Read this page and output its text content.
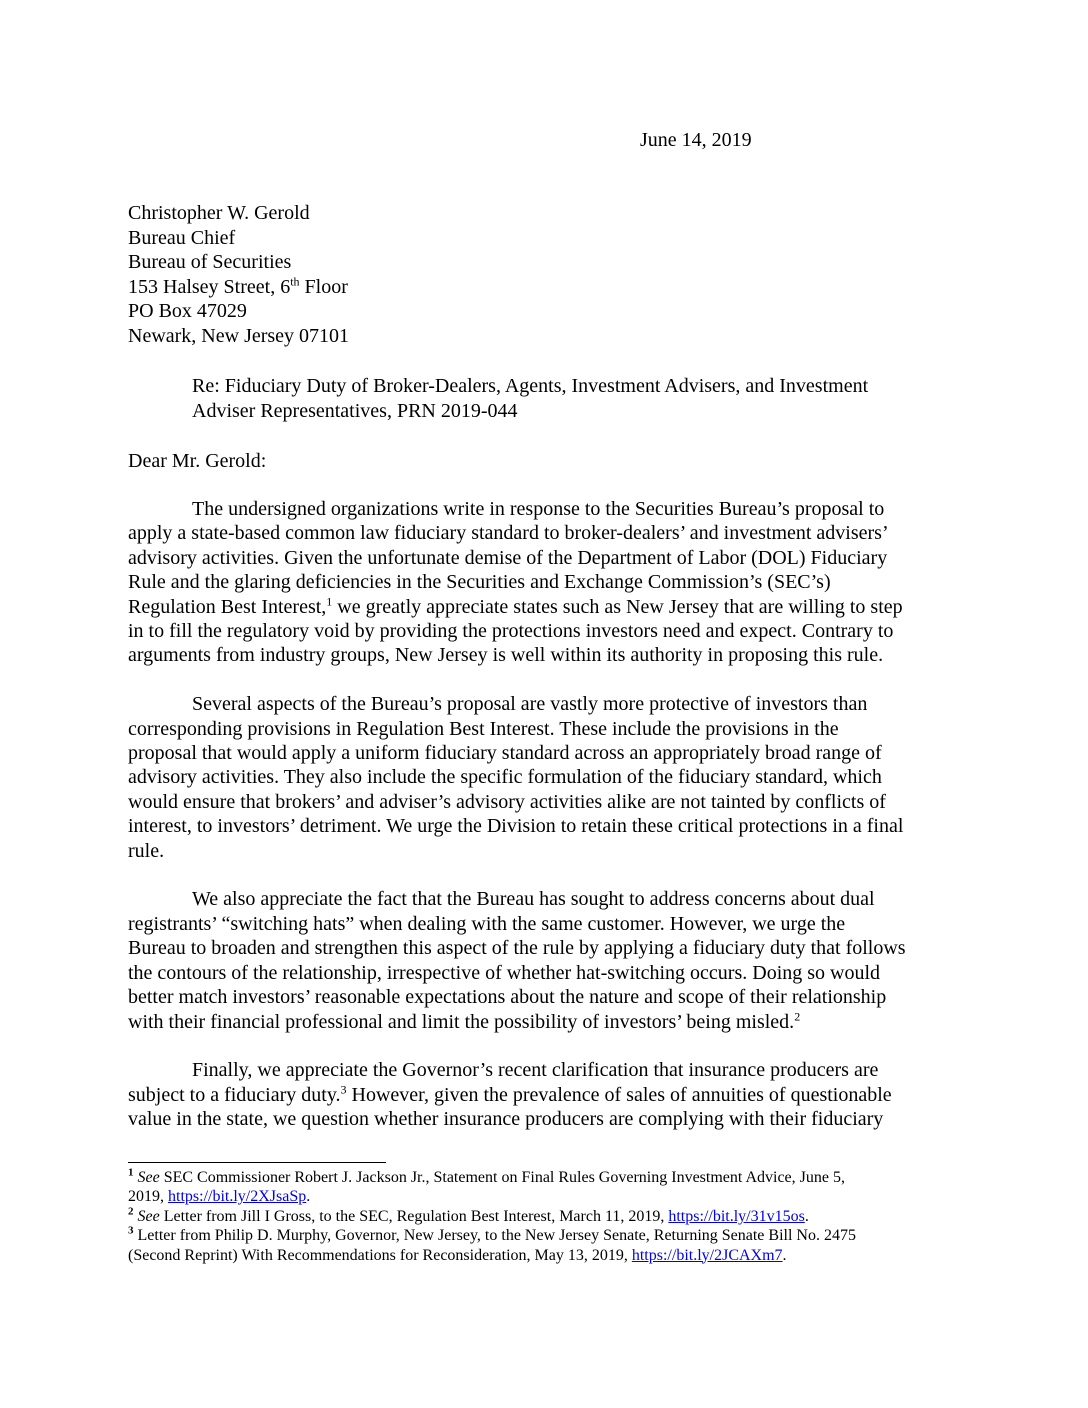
June 14, 2019
Christopher W. Gerold
Bureau Chief
Bureau of Securities
153 Halsey Street, 6th Floor
PO Box 47029
Newark, New Jersey 07101
Re: Fiduciary Duty of Broker-Dealers, Agents, Investment Advisers, and Investment
Adviser Representatives, PRN 2019-044
Dear Mr. Gerold:

The undersigned organizations write in response to the Securities Bureau’s proposal to
apply a state-based common law fiduciary standard to broker-dealers’ and investment advisers’
advisory activities. Given the unfortunate demise of the Department of Labor (DOL) Fiduciary
Rule and the glaring deficiencies in the Securities and Exchange Commission’s (SEC’s)
Regulation Best Interest,$^1$ we greatly appreciate states such as New Jersey that are willing to step
in to fill the regulatory void by providing the protections investors need and expect. Contrary to
arguments from industry groups, New Jersey is well within its authority in proposing this rule.

Several aspects of the Bureau’s proposal are vastly more protective of investors than
corresponding provisions in Regulation Best Interest. These include the provisions in the
proposal that would apply a uniform fiduciary standard across an appropriately broad range of
advisory activities. They also include the specific formulation of the fiduciary standard, which
would ensure that brokers’ and adviser’s advisory activities alike are not tainted by conflicts of
interest, to investors’ detriment. We urge the Division to retain these critical protections in a final
rule.

We also appreciate the fact that the Bureau has sought to address concerns about dual
registrants’ “switching hats” when dealing with the same customer. However, we urge the
Bureau to broaden and strengthen this aspect of the rule by applying a fiduciary duty that follows
the contours of the relationship, irrespective of whether hat-switching occurs. Doing so would
better match investors’ reasonable expectations about the nature and scope of their relationship
with their financial professional and limit the possibility of investors’ being misled.$^2$

Finally, we appreciate the Governor’s recent clarification that insurance producers are
subject to a fiduciary duty.$^3$ However, given the prevalence of sales of annuities of questionable
value in the state, we question whether insurance producers are complying with their fiduciary

$^1$ See SEC Commissioner Robert J. Jackson Jr., Statement on Final Rules Governing Investment Advice, June 5,
2019, https://bit.ly/2XJsaSp.
$^2$ See Letter from Jill I Gross, to the SEC, Regulation Best Interest, March 11, 2019, https://bit.ly/31v15os.
$^3$ Letter from Philip D. Murphy, Governor, New Jersey, to the New Jersey Senate, Returning Senate Bill No. 2475
(Second Reprint) With Recommendations for Reconsideration, May 13, 2019, https://bit.ly/2JCAXm7.
